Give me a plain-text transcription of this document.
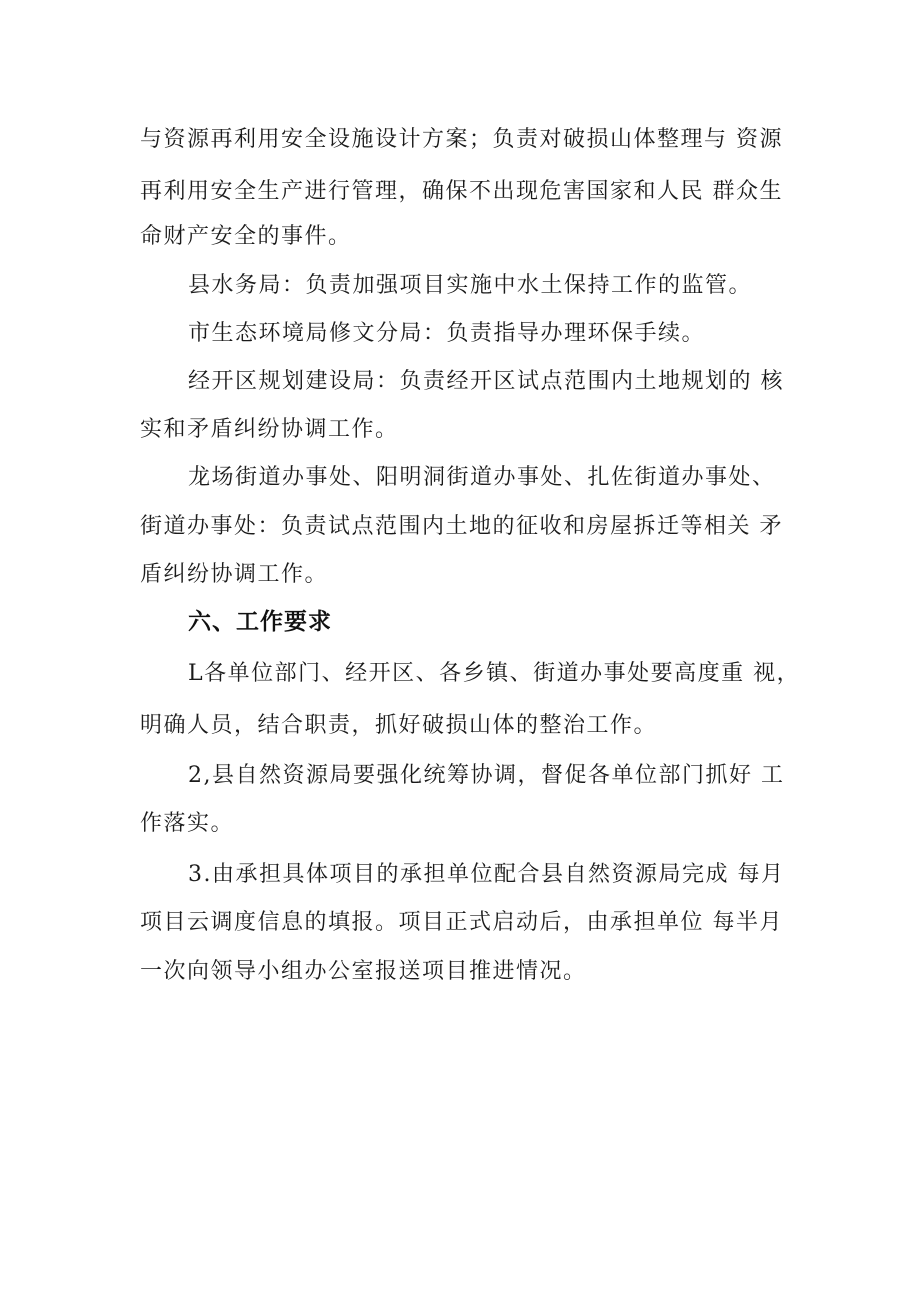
与资源再利用安全设施设计方案；负责对破损山体整理与 资源
再利用安全生产进行管理，确保不出现危害国家和人民 群众生
命财产安全的事件。
县水务局：负责加强项目实施中水土保持工作的监管。
市生态环境局修文分局：负责指导办理环保手续。
经开区规划建设局：负责经开区试点范围内土地规划的 核
实和矛盾纠纷协调工作。
龙场街道办事处、阳明洞街道办事处、扎佐街道办事处、
街道办事处：负责试点范围内土地的征收和房屋拆迁等相关 矛
盾纠纷协调工作。
六、工作要求
L各单位部门、经开区、各乡镇、街道办事处要高度重 视，
明确人员，结合职责，抓好破损山体的整治工作。
2,县自然资源局要强化统筹协调，督促各单位部门抓好 工
作落实。
3.由承担具体项目的承担单位配合县自然资源局完成 每月
项目云调度信息的填报。项目正式启动后，由承担单位 每半月
一次向领导小组办公室报送项目推进情况。
